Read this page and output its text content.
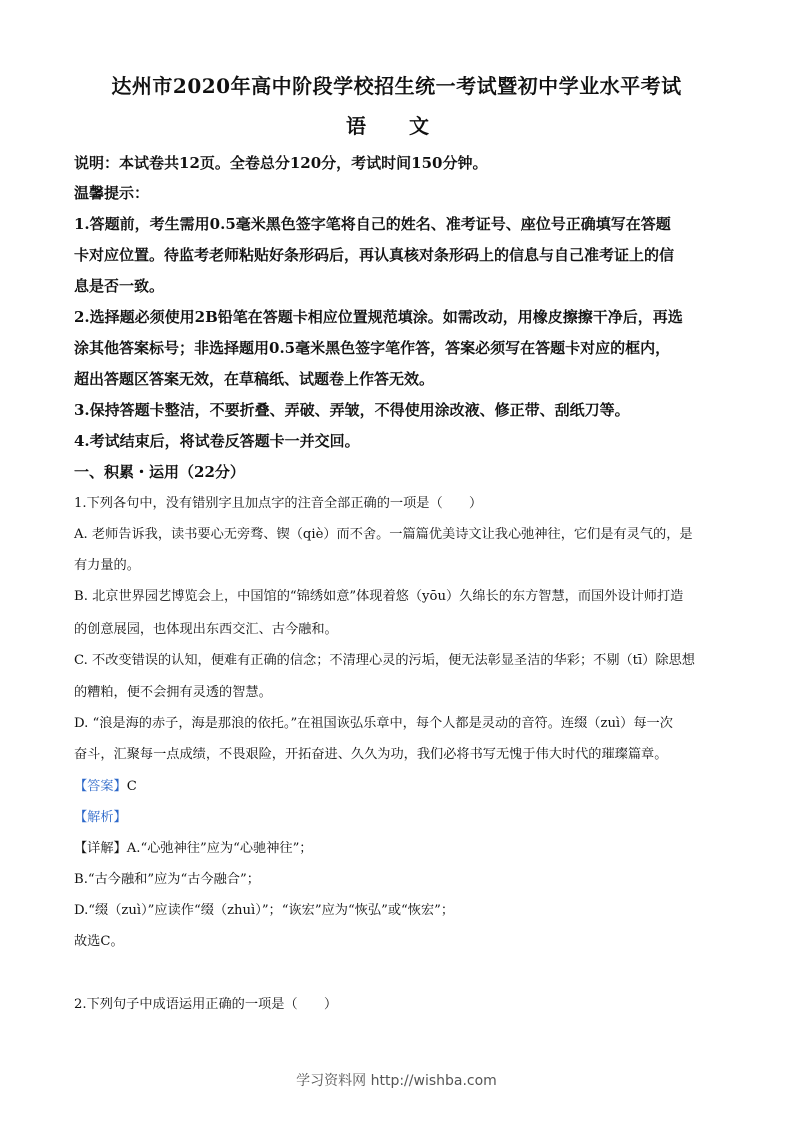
达州市2020年高中阶段学校招生统一考试暨初中学业水平考试
语 文
说明：本试卷共12页。全卷总分120分，考试时间150分钟。
温馨提示：
1.答题前，考生需用0.5毫米黑色签字笔将自己的姓名、准考证号、座位号正确填写在答题
卡对应位置。待监考老师粘贴好条形码后，再认真核对条形码上的信息与自己准考证上的信
息是否一致。
2.选择题必须使用2B铅笔在答题卡相应位置规范填涂。如需改动，用橡皮擦擦干净后，再选
涂其他答案标号；非选择题用0.5毫米黑色签字笔作答，答案必须写在答题卡对应的框内，
超出答题区答案无效，在草稿纸、试题卷上作答无效。
3.保持答题卡整洁，不要折叠、弄破、弄皱，不得使用涂改液、修正带、刮纸刀等。
4.考试结束后，将试卷反答题卡一并交回。
一、积累・运用（22分）
1.下列各句中，没有错别字且加点字的注音全部正确的一项是（　　）
A. 老师告诉我，读书要心无旁骛、锲（qiè）而不舍。一篇篇优美诗文让我心弛神往，它们是有灵气的，是
有力量的。
B. 北京世界园艺博览会上，中国馆的“锦绣如意”体现着悠（yōu）久绵长的东方智慧，而国外设计师打造
的创意展园，也体现出东西交汇、古今融和。
C. 不改变错误的认知，便难有正确的信念；不清理心灵的污垢，便无法彰显圣洁的华彩；不剔（tī）除思想
的糟粕，便不会拥有灵透的智慧。
D. “浪是海的赤子，海是那浪的依托。”在祖国诙弘乐章中，每个人都是灵动的音符。连缀（zuì）每一次
奋斗，汇聚每一点成绩，不畏艰险，开拓奋进、久久为功，我们必将书写无愧于伟大时代的璀璨篇章。
【答案】C
【解析】
【详解】A.“心弛神往”应为“心驰神往”；
B.“古今融和”应为“古今融合”；
D.“缀（zuì）”应读作“缀（zhuì）”；“诙宏”应为“恢弘”或“恢宏”；
故选C。
2.下列句子中成语运用正确的一项是（　　）
学习资料网 http://wishba.com
